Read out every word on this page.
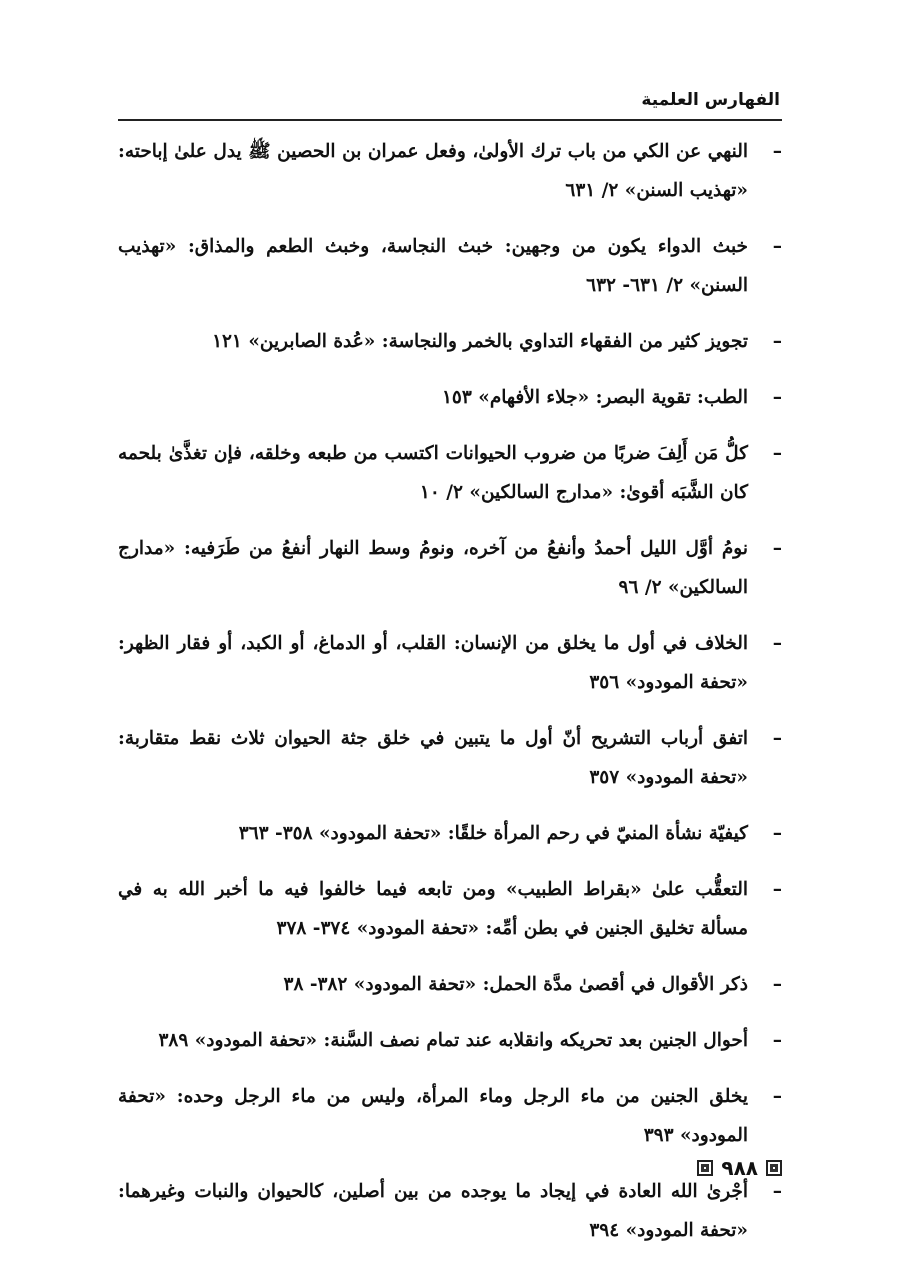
الفهارس العلمية
–
النهي عن الكي من باب ترك الأولىٰ، وفعل عمران بن الحصين ﷺ يدل علىٰ إباحته: «تهذيب السنن» ٢/ ٦٣١
–
خبث الدواء يكون من وجهين: خبث النجاسة، وخبث الطعم والمذاق: «تهذيب السنن» ٢/ ٦٣١- ٦٣٢
–
تجويز كثير من الفقهاء التداوي بالخمر والنجاسة: «عُدة الصابرين» ١٢١
–
الطب: تقوية البصر: «جلاء الأفهام» ١٥٣
–
كلُّ مَن أَلِفَ ضربًا من ضروب الحيوانات اكتسب من طبعه وخلقه، فإن تغذَّىٰ بلحمه كان الشَّبَه أقوىٰ: «مدارج السالكين» ٢/ ١٠
–
نومُ أوَّل الليل أحمدُ وأنفعُ من آخره، ونومُ وسط النهار أنفعُ من طَرَفيه: «مدارج السالكين» ٢/ ٩٦
–
الخلاف في أول ما يخلق من الإنسان: القلب، أو الدماغ، أو الكبد، أو فقار الظهر: «تحفة المودود» ٣٥٦
–
اتفق أرباب التشريح أنّ أول ما يتبين في خلق جثة الحيوان ثلاث نقط متقاربة: «تحفة المودود» ٣٥٧
–
كيفيّة نشأة المنيّ في رحم المرأة خلقًا: «تحفة المودود» ٣٥٨- ٣٦٣
–
التعقُّب علىٰ «بقراط الطبيب» ومن تابعه فيما خالفوا فيه ما أخبر الله به في مسألة تخليق الجنين في بطن أمِّه: «تحفة المودود» ٣٧٤- ٣٧٨
–
ذكر الأقوال في أقصىٰ مدَّة الحمل: «تحفة المودود» ٣٨٢- ٣٨
–
أحوال الجنين بعد تحريكه وانقلابه عند تمام نصف السَّنة: «تحفة المودود» ٣٨٩
–
يخلق الجنين من ماء الرجل وماء المرأة، وليس من ماء الرجل وحده: «تحفة المودود» ٣٩٣
–
أجْرىٰ الله العادة في إيجاد ما يوجده من بين أصلين، كالحيوان والنبات وغيرهما: «تحفة المودود» ٣٩٤
٩٨٨
